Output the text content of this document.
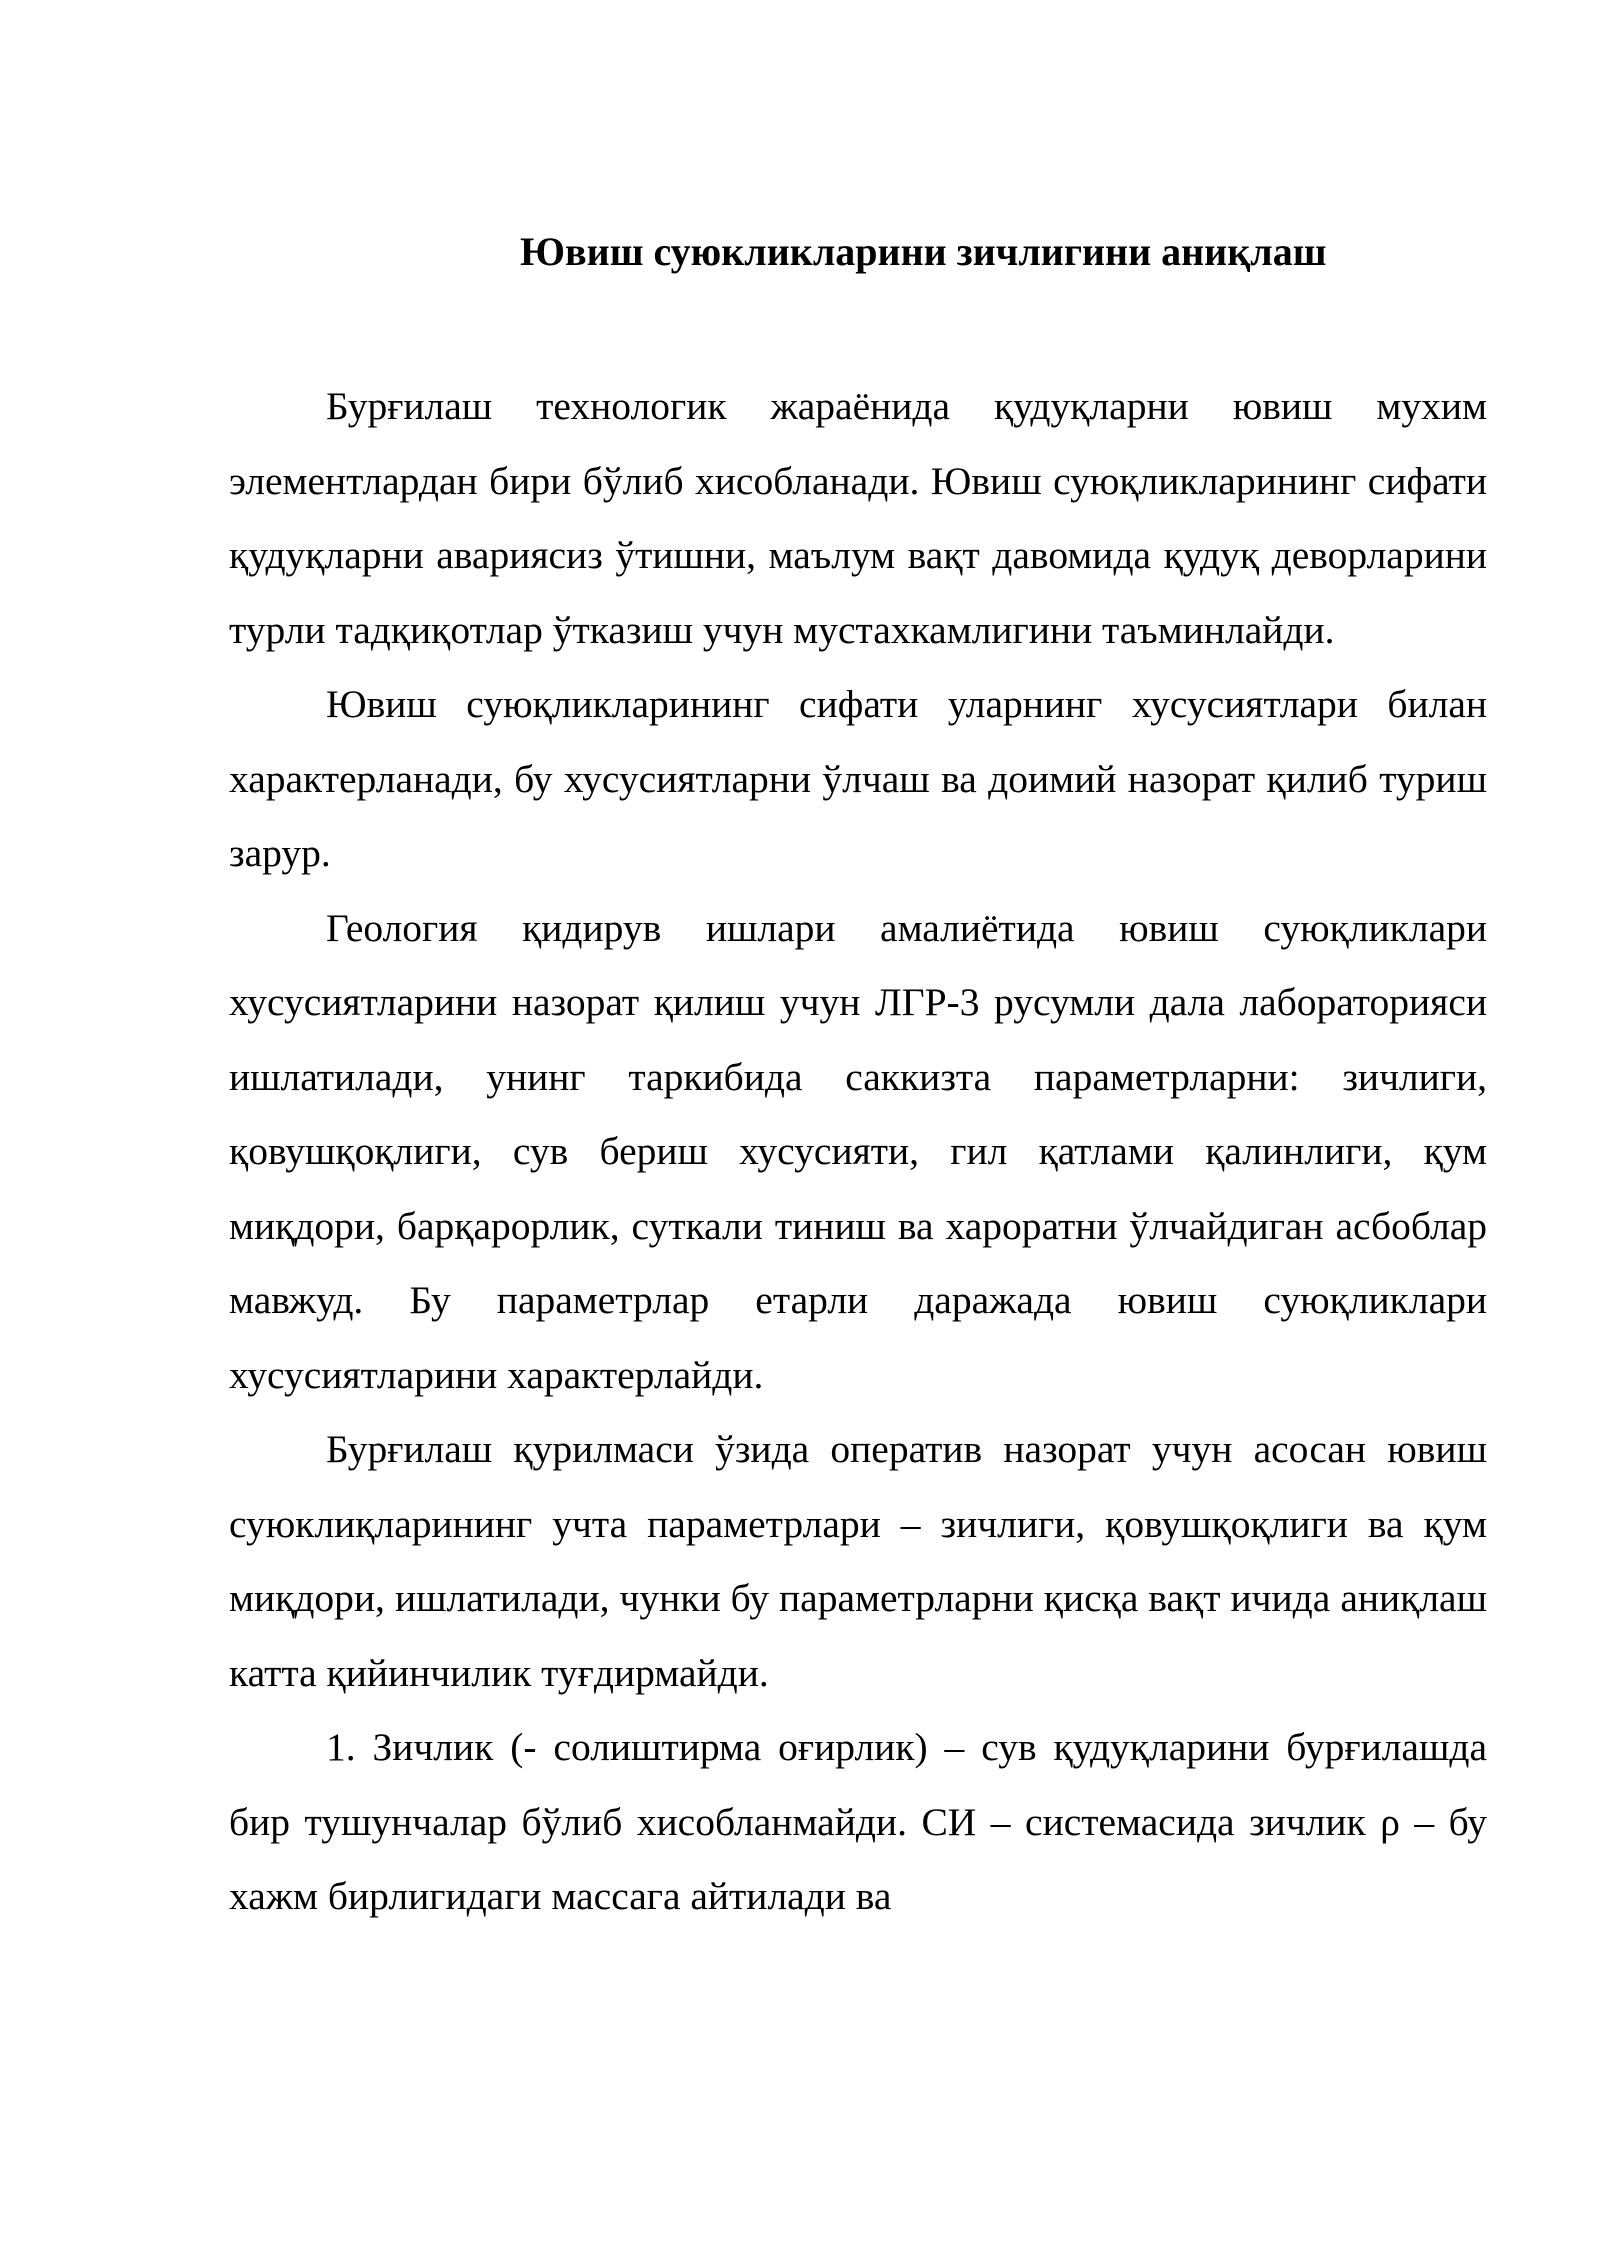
Ювиш суюкликларини зичлигини аниқлаш

Бурғилаш технологик жараёнида қудуқларни ювиш мухим элементлардан бири бўлиб хисобланади. Ювиш суюқликларининг сифати қудуқларни авариясиз ўтишни, маълум вақт давомида қудуқ деворларини турли тадқиқотлар ўтказиш учун мустахкамлигини таъминлайди.

Ювиш суюқликларининг сифати уларнинг хусусиятлари билан характерланади, бу хусусиятларни ўлчаш ва доимий назорат қилиб туриш зарур.

Геология қидирув ишлари амалиётида ювиш суюқликлари хусусиятларини назорат қилиш учун ЛГР-3 русумли дала лабораторияси ишлатилади, унинг таркибида саккизта параметрларни: зичлиги, қовушқоқлиги, сув бериш хусусияти, гил қатлами қалинлиги, қум миқдори, барқарорлик, суткали тиниш ва хароратни ўлчайдиган асбоблар мавжуд. Бу параметрлар етарли даражада ювиш суюқликлари хусусиятларини характерлайди.

Бурғилаш қурилмаси ўзида оператив назорат учун асосан ювиш суюклиқларининг учта параметрлари – зичлиги, қовушқоқлиги ва қум миқдори, ишлатилади, чунки бу параметрларни қисқа вақт ичида аниқлаш катта қийинчилик туғдирмайди.

1. Зичлик (- солиштирма оғирлик) – сув қудуқларини бурғилашда бир тушунчалар бўлиб хисобланмайди. СИ – системасида зичлик ρ – бу хажм бирлигидаги массага айтилади ва
